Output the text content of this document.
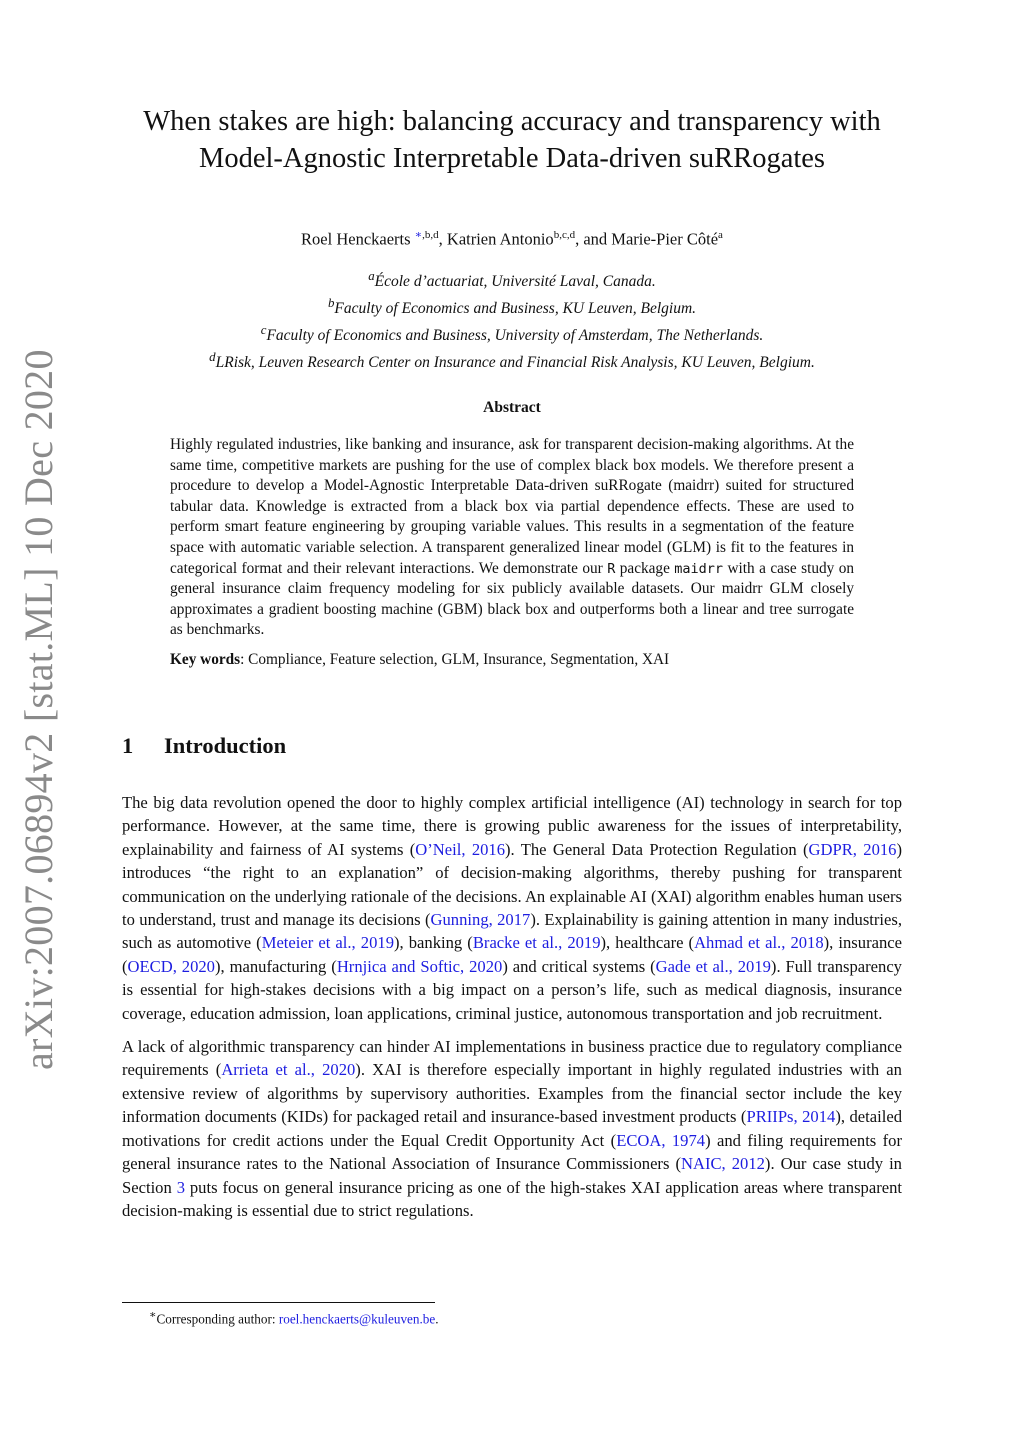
arXiv:2007.06894v2 [stat.ML] 10 Dec 2020
When stakes are high: balancing accuracy and transparency with
Model-Agnostic Interpretable Data-driven suRRogates
Roel Henckaerts $^{∗,b,d}$, Katrien Antonio$^{b,c,d}$, and Marie-Pier Côté$^a$
$^a$École d’actuariat, Université Laval, Canada.
$^b$Faculty of Economics and Business, KU Leuven, Belgium.
$^c$Faculty of Economics and Business, University of Amsterdam, The Netherlands.
$^d$LRisk, Leuven Research Center on Insurance and Financial Risk Analysis, KU Leuven, Belgium.
Abstract

Highly regulated industries, like banking and insurance, ask for transparent decision-making algorithms. At the same time, competitive markets are pushing for the use of complex black box models. We therefore present a procedure to develop a Model-Agnostic Interpretable Data-driven suRRogate (maidrr) suited for structured tabular data. Knowledge is extracted from a black box via partial dependence effects. These are used to perform smart feature engineering by grouping variable values. This results in a segmentation of the feature space with automatic variable selection. A transparent generalized linear model (GLM) is fit to the features in categorical format and their relevant interactions. We demonstrate our R package maidrr with a case study on general insurance claim frequency modeling for six publicly available datasets. Our maidrr GLM closely approximates a gradient boosting machine (GBM) black box and outperforms both a linear and tree surrogate as benchmarks.

Key words: Compliance, Feature selection, GLM, Insurance, Segmentation, XAI

1 Introduction

The big data revolution opened the door to highly complex artificial intelligence (AI) technology in search for top performance. However, at the same time, there is growing public awareness for the issues of interpretability, explainability and fairness of AI systems (O’Neil, 2016). The General Data Protection Regulation (GDPR, 2016) introduces “the right to an explanation” of decision-making algorithms, thereby pushing for transparent communication on the underlying rationale of the decisions. An explainable AI (XAI) algorithm enables human users to understand, trust and manage its decisions (Gunning, 2017). Explainability is gaining attention in many industries, such as automotive (Meteier et al., 2019), banking (Bracke et al., 2019), healthcare (Ahmad et al., 2018), insurance (OECD, 2020), manufacturing (Hrnjica and Softic, 2020) and critical systems (Gade et al., 2019). Full transparency is essential for high-stakes decisions with a big impact on a person’s life, such as medical diagnosis, insurance coverage, education admission, loan applications, criminal justice, autonomous transportation and job recruitment.

A lack of algorithmic transparency can hinder AI implementations in business practice due to regulatory compliance requirements (Arrieta et al., 2020). XAI is therefore especially important in highly regulated industries with an extensive review of algorithms by supervisory authorities. Examples from the financial sector include the key information documents (KIDs) for packaged retail and insurance-based investment products (PRIIPs, 2014), detailed motivations for credit actions under the Equal Credit Opportunity Act (ECOA, 1974) and filing requirements for general insurance rates to the National Association of Insurance Commissioners (NAIC, 2012). Our case study in Section 3 puts focus on general insurance pricing as one of the high-stakes XAI application areas where transparent decision-making is essential due to strict regulations.

∗Corresponding author: roel.henckaerts@kuleuven.be.
